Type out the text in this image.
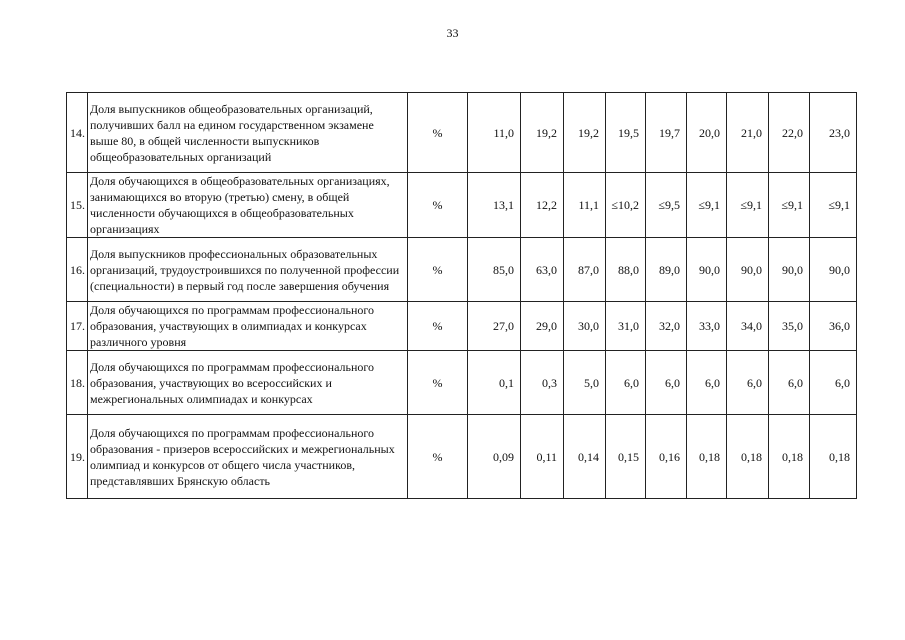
33
14.	Доля выпускников общеобразовательных организаций, получивших балл на едином государственном экзамене выше 80, в общей численности выпускников общеобразовательных организаций	%	11,0	19,2	19,2	19,5	19,7	20,0	21,0	22,0	23,0
15.	Доля обучающихся в общеобразовательных организациях, занимающихся во вторую (третью) смену, в общей численности обучающихся в общеобразовательных организациях	%	13,1	12,2	11,1	≤10,2	≤9,5	≤9,1	≤9,1	≤9,1	≤9,1
16.	Доля выпускников профессиональных образовательных организаций, трудоустроившихся по полученной профессии (специальности) в первый год после завершения обучения	%	85,0	63,0	87,0	88,0	89,0	90,0	90,0	90,0	90,0
17.	Доля обучающихся по программам профессионального образования, участвующих в олимпиадах и конкурсах различного уровня	%	27,0	29,0	30,0	31,0	32,0	33,0	34,0	35,0	36,0
18.	Доля обучающихся по программам профессионального образования, участвующих во всероссийских и межрегиональных олимпиадах и конкурсах	%	0,1	0,3	5,0	6,0	6,0	6,0	6,0	6,0	6,0
19.	Доля обучающихся по программам профессионального образования - призеров всероссийских и межрегиональных олимпиад и конкурсов от общего числа участников, представлявших Брянскую область	%	0,09	0,11	0,14	0,15	0,16	0,18	0,18	0,18	0,18
